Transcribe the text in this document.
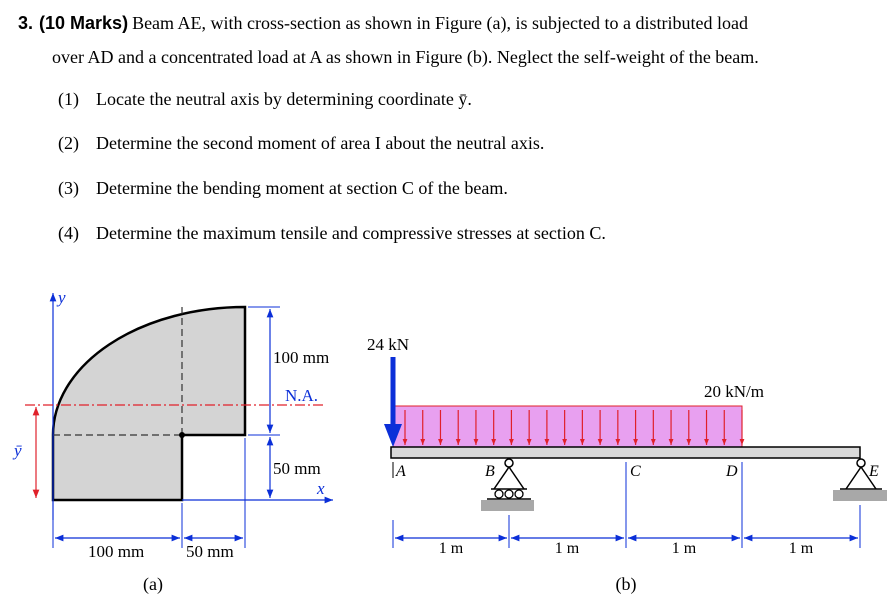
3. (10 Marks) Beam AE, with cross-section as shown in Figure (a), is subjected to a distributed load
over AD and a concentrated load at A as shown in Figure (b). Neglect the self-weight of the beam.
(1) Locate the neutral axis by determining coordinate ȳ.
(2) Determine the second moment of area I about the neutral axis.
(3) Determine the bending moment at section C of the beam.
(4) Determine the maximum tensile and compressive stresses at section C.
y
x
N.A.
ȳ
100 mm
50 mm
100 mm 50 mm
(a)
20 kN/m
24 kN
A	B	C	D	E
1 m	1 m	1 m	1 m
(b)
